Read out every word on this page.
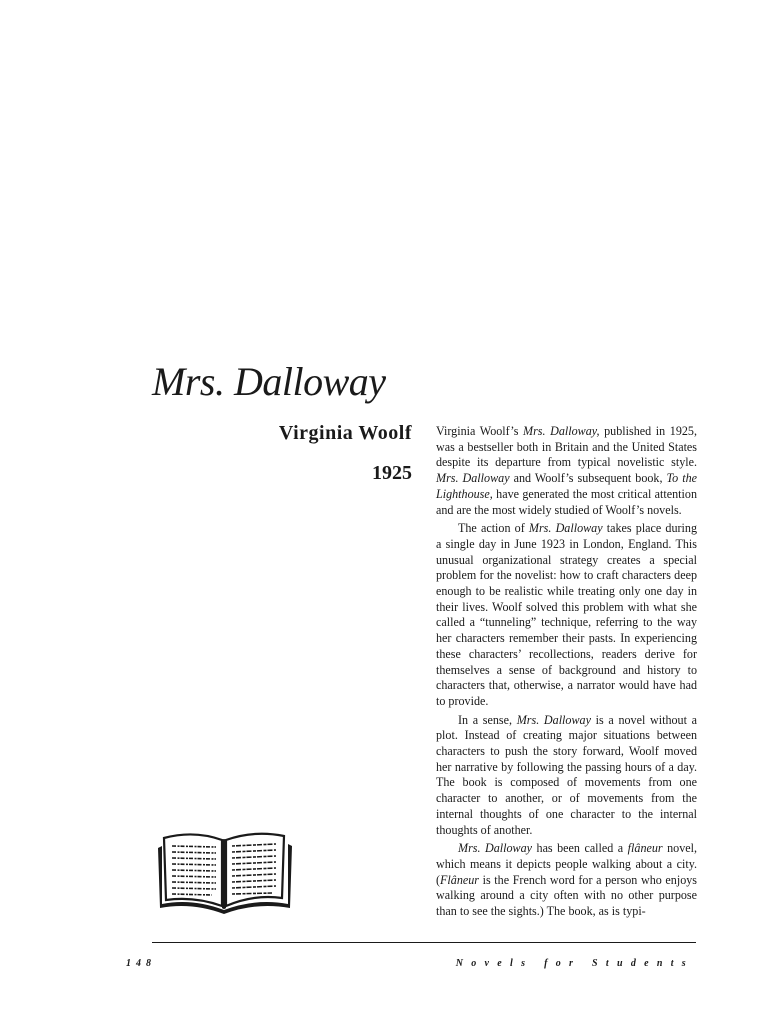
Mrs. Dalloway
Virginia Woolf
1925

Virginia Woolf’s Mrs. Dalloway, published in 1925, was a bestseller both in Britain and the United States despite its departure from typical novelistic style. Mrs. Dalloway and Woolf’s subsequent book, To the Lighthouse, have generated the most critical attention and are the most widely studied of Woolf’s novels.

The action of Mrs. Dalloway takes place during a single day in June 1923 in London, England. This unusual organizational strategy creates a special problem for the novelist: how to craft characters deep enough to be realistic while treating only one day in their lives. Woolf solved this problem with what she called a “tunneling” technique, referring to the way her characters remember their pasts. In experiencing these characters’ recollections, readers derive for themselves a sense of background and history to characters that, otherwise, a narrator would have had to provide.

In a sense, Mrs. Dalloway is a novel without a plot. Instead of creating major situations between characters to push the story forward, Woolf moved her narrative by following the passing hours of a day. The book is composed of movements from one character to another, or of movements from the internal thoughts of one character to the internal thoughts of another.

Mrs. Dalloway has been called a flâneur novel, which means it depicts people walking about a city. (Flâneur is the French word for a person who enjoys walking around a city often with no other purpose than to see the sights.) The book, as is typi-

148	Novels for Students
